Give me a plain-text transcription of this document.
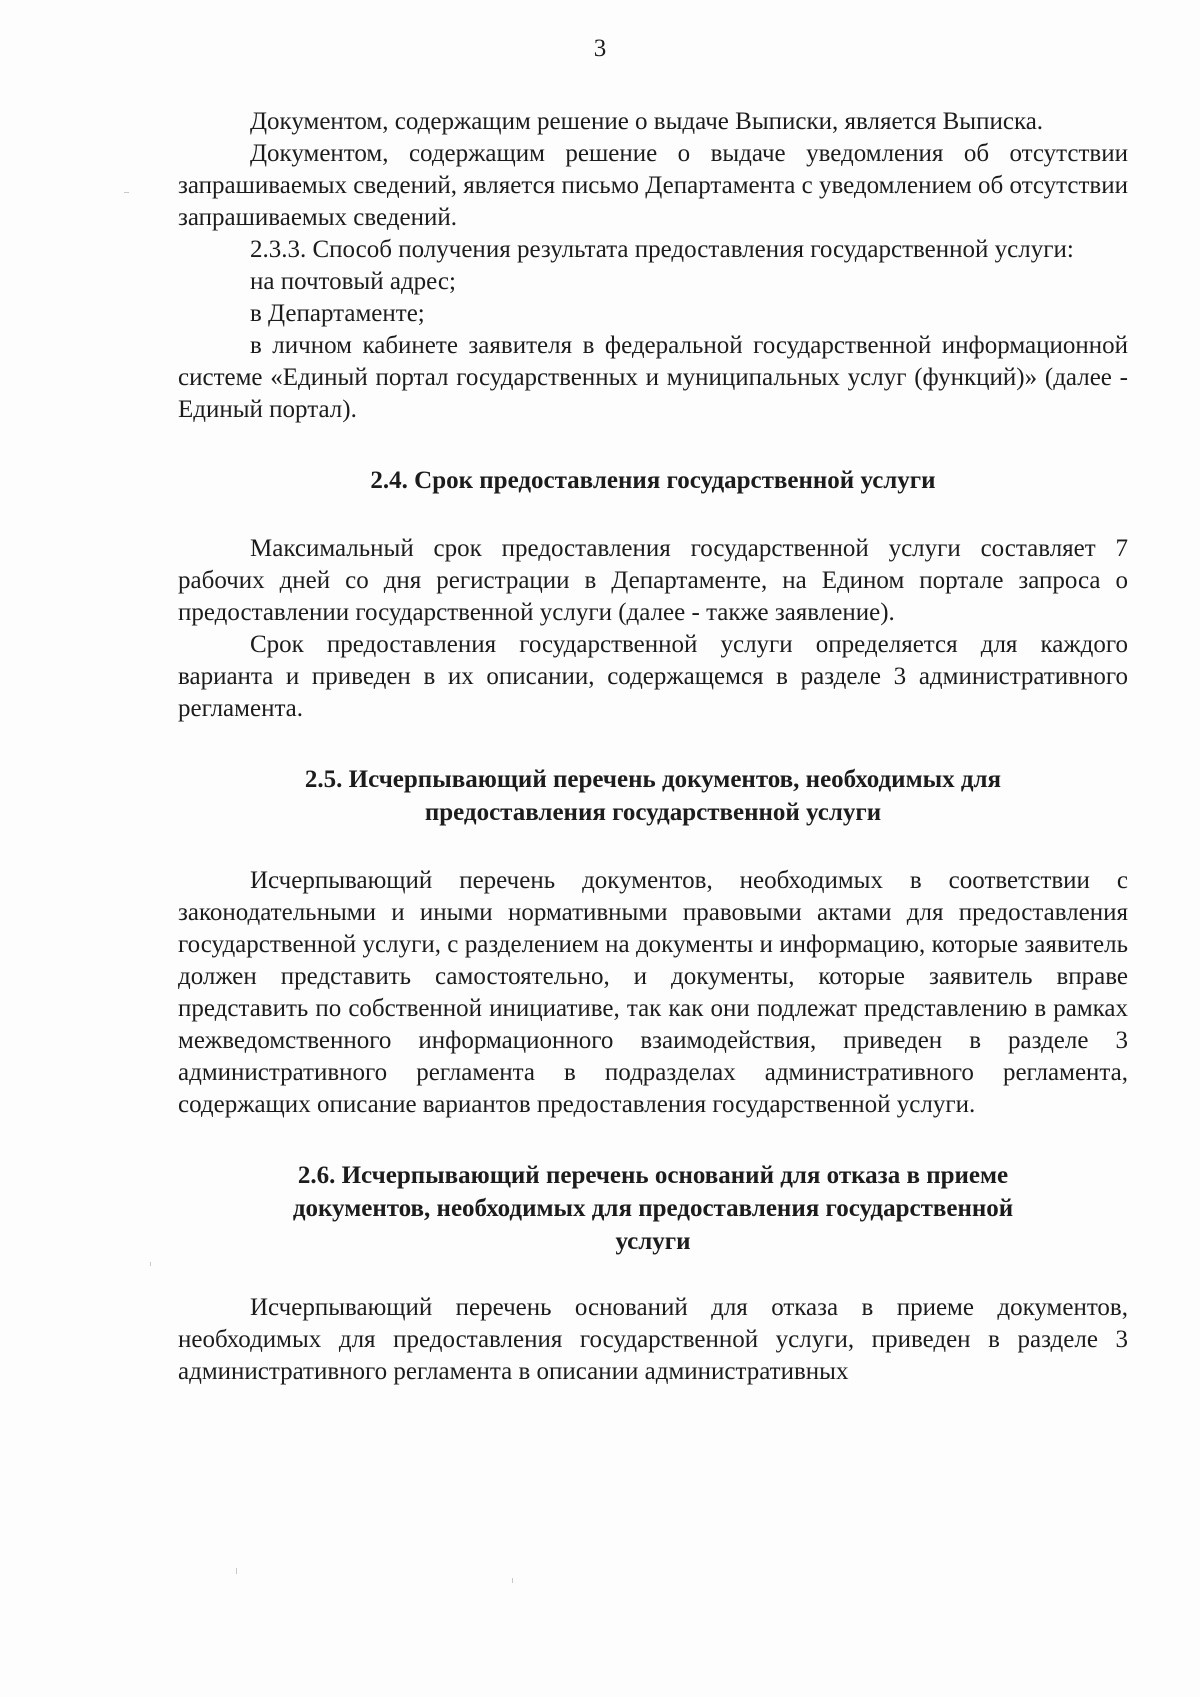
3

Документом, содержащим решение о выдаче Выписки, является Выписка.

Документом, содержащим решение о выдаче уведомления об отсутствии запрашиваемых сведений, является письмо Департамента с уведомлением об отсутствии запрашиваемых сведений.

2.3.3. Способ получения результата предоставления государственной услуги:

на почтовый адрес;

в Департаменте;

в личном кабинете заявителя в федеральной государственной информационной системе «Единый портал государственных и муниципальных услуг (функций)» (далее - Единый портал).

2.4. Срок предоставления государственной услуги

Максимальный срок предоставления государственной услуги составляет 7 рабочих дней со дня регистрации в Департаменте, на Едином портале запроса о предоставлении государственной услуги (далее - также заявление).

Срок предоставления государственной услуги определяется для каждого варианта и приведен в их описании, содержащемся в разделе 3 административного регламента.

2.5. Исчерпывающий перечень документов, необходимых для
предоставления государственной услуги

Исчерпывающий перечень документов, необходимых в соответствии с законодательными и иными нормативными правовыми актами для предоставления государственной услуги, с разделением на документы и информацию, которые заявитель должен представить самостоятельно, и документы, которые заявитель вправе представить по собственной инициативе, так как они подлежат представлению в рамках межведомственного информационного взаимодействия, приведен в разделе 3 административного регламента в подразделах административного регламента, содержащих описание вариантов предоставления государственной услуги.

2.6. Исчерпывающий перечень оснований для отказа в приеме
документов, необходимых для предоставления государственной
услуги

Исчерпывающий перечень оснований для отказа в приеме документов, необходимых для предоставления государственной услуги, приведен в разделе 3 административного регламента в описании административных
